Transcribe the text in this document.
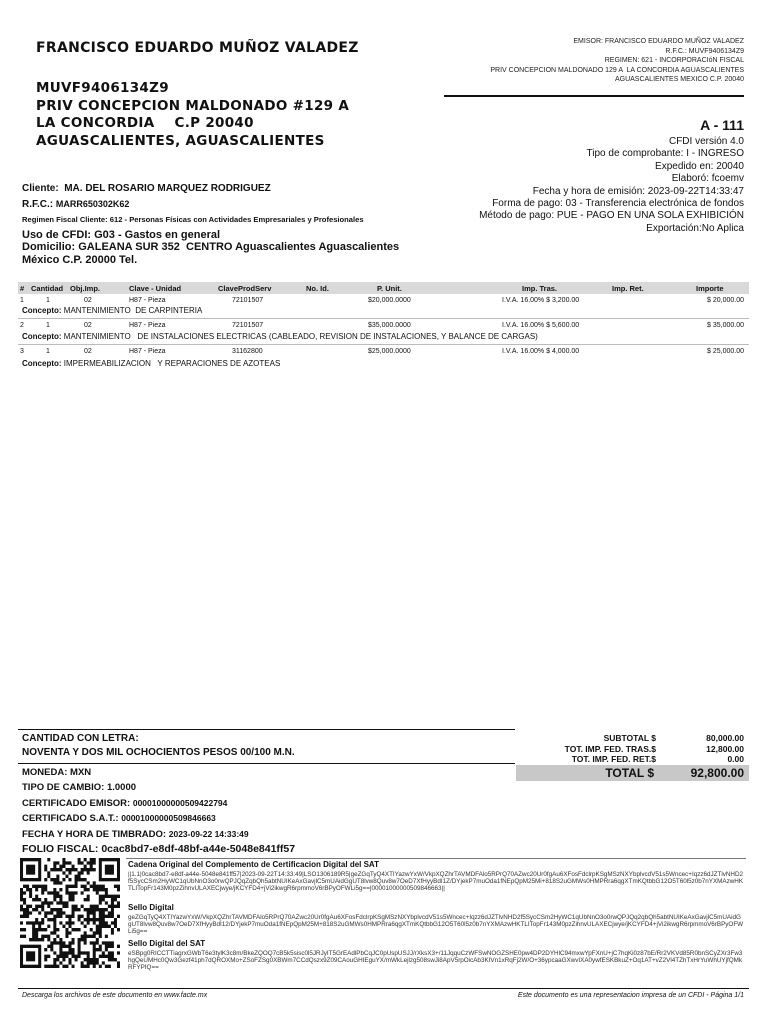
FRANCISCO EDUARDO MUÑOZ VALADEZ
MUVF9406134Z9
PRIV CONCEPCION MALDONADO #129 A
LA CONCORDIA    C.P 20040
AGUASCALIENTES, AGUASCALIENTES
EMISOR: FRANCISCO EDUARDO MUÑOZ VALADEZ
R.F.C.: MUVF9406134Z9
REGIMEN: 621 - INCORPORACIóN FISCAL
PRIV CONCEPCION MALDONADO 129 A  LA CONCORDIA AGUASCALIENTES
AGUASCALIENTES MEXICO C.P. 20040
A - 111
CFDI versión 4.0
Tipo de comprobante: I - INGRESO
Expedido en: 20040
Elaboró: fcoemv
Fecha y hora de emisión: 2023-09-22T14:33:47
Forma de pago: 03 - Transferencia electrónica de fondos
Método de pago: PUE - PAGO EN UNA SOLA EXHIBICIÓN
Exportación:No Aplica
Cliente:  MA. DEL ROSARIO MARQUEZ RODRIGUEZ
R.F.C.: MARR650302K62
Regimen Fiscal Cliente: 612 - Personas Físicas con Actividades Empresariales y Profesionales
Uso de CFDI: G03 - Gastos en general
Domicilio: GALEANA SUR 352  CENTRO Aguascalientes Aguascalientes
México C.P. 20000 Tel.
# Cantidad Obj.Imp.	Clave - Unidad	ClaveProdServ	No. Id.	P. Unit.	Imp. Tras.	Imp. Ret.	Importe
1	1	02	H87 - Pieza	72101507	$20,000.0000	I.V.A. 16.00% $ 3,200.00	$ 20,000.00
Concepto: MANTENIMIENTO  DE CARPINTERIA
2	1	02	H87 - Pieza	72101507	$35,000.0000	I.V.A. 16.00% $ 5,600.00	$ 35,000.00
Concepto: MANTENIMIENTO   DE INSTALACIONES ELECTRICAS (CABLEADO, REVISION DE INSTALACIONES, Y BALANCE DE CARGAS)
3	1	02	H87 - Pieza	31162800	$25,000.0000	I.V.A. 16.00% $ 4,000.00	$ 25,000.00
Concepto: IMPERMEABILIZACION   Y REPARACIONES DE AZOTEAS
CANTIDAD CON LETRA:
NOVENTA Y DOS MIL OCHOCIENTOS PESOS 00/100 M.N.
SUBTOTAL $	80,000.00
TOT. IMP. FED. TRAS.$	12,800.00
TOT. IMP. FED. RET.$	0.00
TOTAL $	92,800.00
MONEDA: MXN
TIPO DE CAMBIO: 1.0000
CERTIFICADO EMISOR: 00001000000509422794
CERTIFICADO S.A.T.: 00001000000509846663
FECHA Y HORA DE TIMBRADO: 2023-09-22 14:33:49
FOLIO FISCAL: 0cac8bd7-e8df-48bf-a44e-5048e841ff57
Cadena Original del Complemento de Certificacion Digital del SAT
||1.1|0cac8bd7-e8df-a44e-5048e841ff57|2023-09-22T14:33:49|LSO1306189R5|geZGqTyQ4XTIYazwYxW/VkpXQZhrTAVMDFAlo5RPrQ70AZwc20Ur0fgAu6XFosFdclrpKSgMSzNXYbplvcdV51s5Wncec+Iqzz6dJZTlvNHD2f5SycCSm2HyWC1qUbNnO3o0rwQPJQqZqbQh5abtNUIKeAxGavjlC5mUAidGgUT8lvw8Quv8w7OeD7XfHyyBdI1Z/DYjekP7muOda1fNEpQpM25Mi+818S2uGMWs0HMPRra6qgXTmKQtbbG12O5T60l5z0b7nYXMAzwHKTLITopFr143M0pzZihnvULAXECjwye/jKCYFD4+jVi2ikwgR6rpmmoV6rBPyOFWLi5g==|00001000000509846663||
Sello Digital
geZGqTyQ4XTIYazwYxW/VkpXQZhrTAVMDFAlo5RPrQ70AZwc20Ur0fgAu6XFosFdclrpKSgMSzNXYbplvcdV51s5Wncec+Iqzz6dJZTlvNHD2f5SycCSm2HyWC1qUbNnO3o0rwQPJQq2qbQh5abtNUIKeAxGavjlC5mUAidGgUT8lvw8Quv8w7OeD7XfHyyBdI12/DYjekP7muOda1fNEpQpM25M+818S2uGMWs0HMPRra6qgXTmKQtbbG12O5T60l5z0b7nYXMAzwHKTLITopFr143M0pzZihnvULAXECjwye/jKCYFD4+jVi2ikwgR6rpmmoV6rBPyOFWLi5g==
Sello Digital del SAT
eSBpg0RICCTTiagrxGWbT6e3tylK3c8m/BkeZQOQ7cB5k5sisc0l5JRJyIT5GrEAdlPbCqJC0pUspUSJJ/rXksX3+/11JqquCzWFSwNOGZSHE0pw4DP2DYHlC94mxwYpFXnU+jC7hqKi0z87bE/Rr2VKVd85R0bnSCyZXr3Fw3hgQeUMHc0Qw3Gezf41ph7dQROXMo+ZSoFZSg0XBWm7CCdQszx9Z09CAouGHIEguYX/mWkLejlzg508swJi8ApV5rpOicAb3KIVn1xRqFj2W/O+36ypcaaGXwvIXA0ywfESKBkuZ+Oq1AT+vZ2Vl4TZhTxHrYuWhUYjfQMkRFYPIQ==
Descarga los archivos de este documento en www.facte.mx	Este documento es una representacion impresa de un CFDI - Página 1/1
